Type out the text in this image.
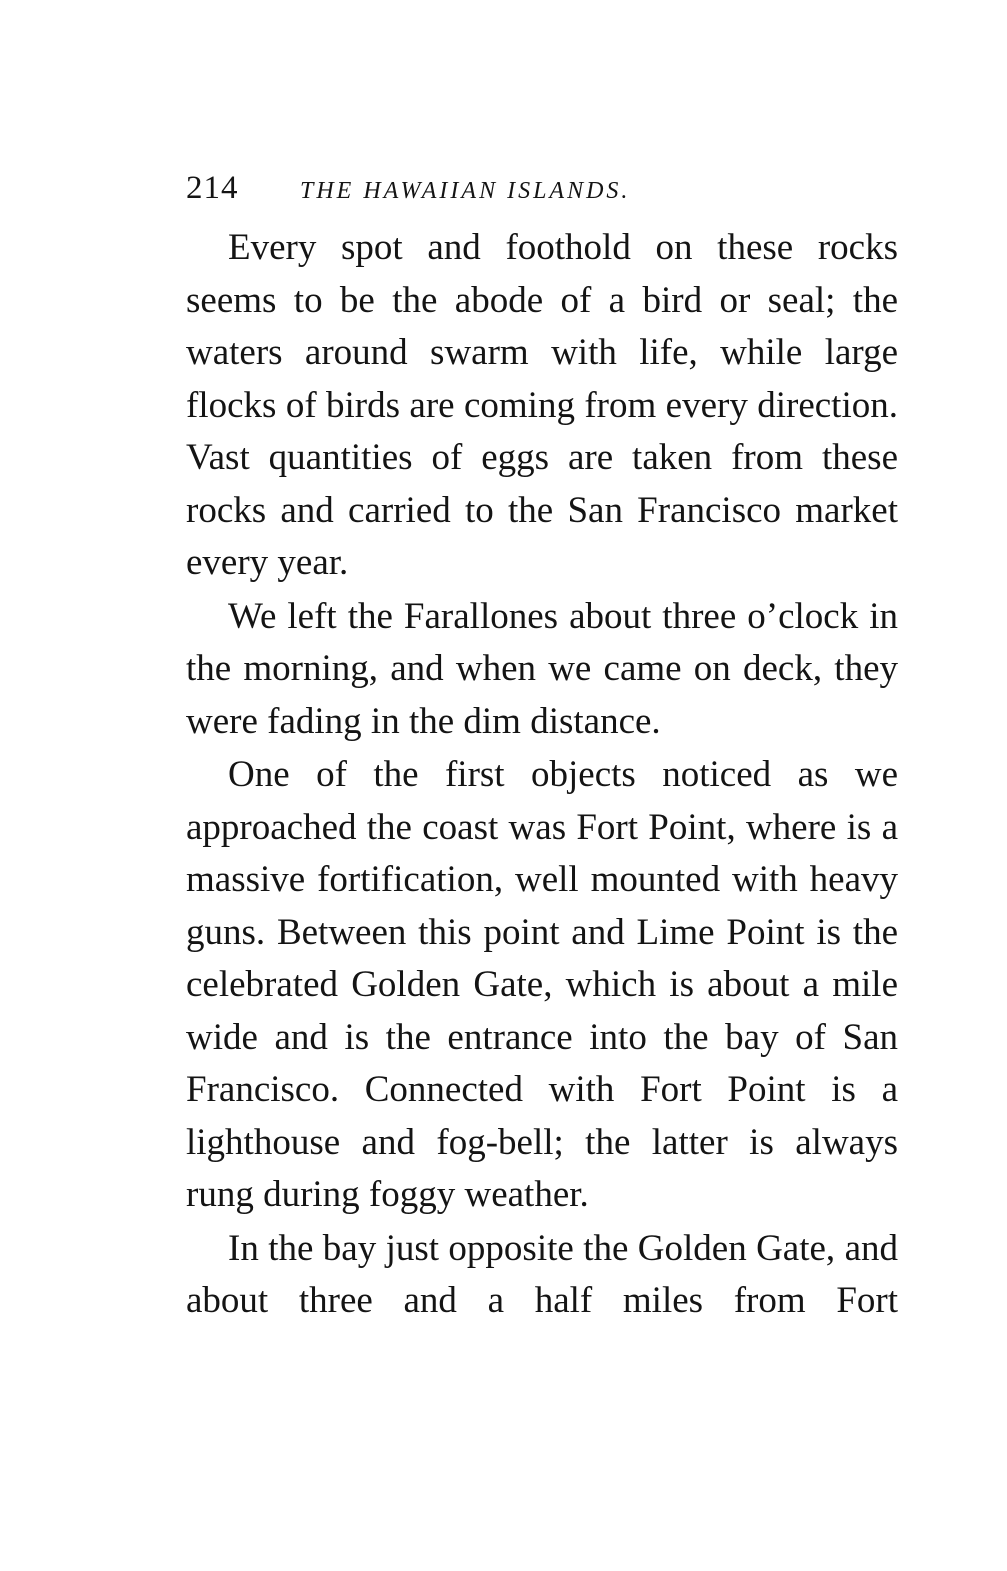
214	THE HAWAIIAN ISLANDS.

Every spot and foothold on these rocks seems to be the abode of a bird or seal; the waters around swarm with life, while large flocks of birds are coming from every direction. Vast quantities of eggs are taken from these rocks and carried to the San Francisco market every year.

We left the Farallones about three o’clock in the morning, and when we came on deck, they were fading in the dim distance.

One of the first objects noticed as we approached the coast was Fort Point, where is a massive fortification, well mounted with heavy guns. Between this point and Lime Point is the celebrated Golden Gate, which is about a mile wide and is the entrance into the bay of San Francisco. Connected with Fort Point is a lighthouse and fog-bell; the latter is always rung during foggy weather.

In the bay just opposite the Golden Gate, and about three and a half miles from Fort
